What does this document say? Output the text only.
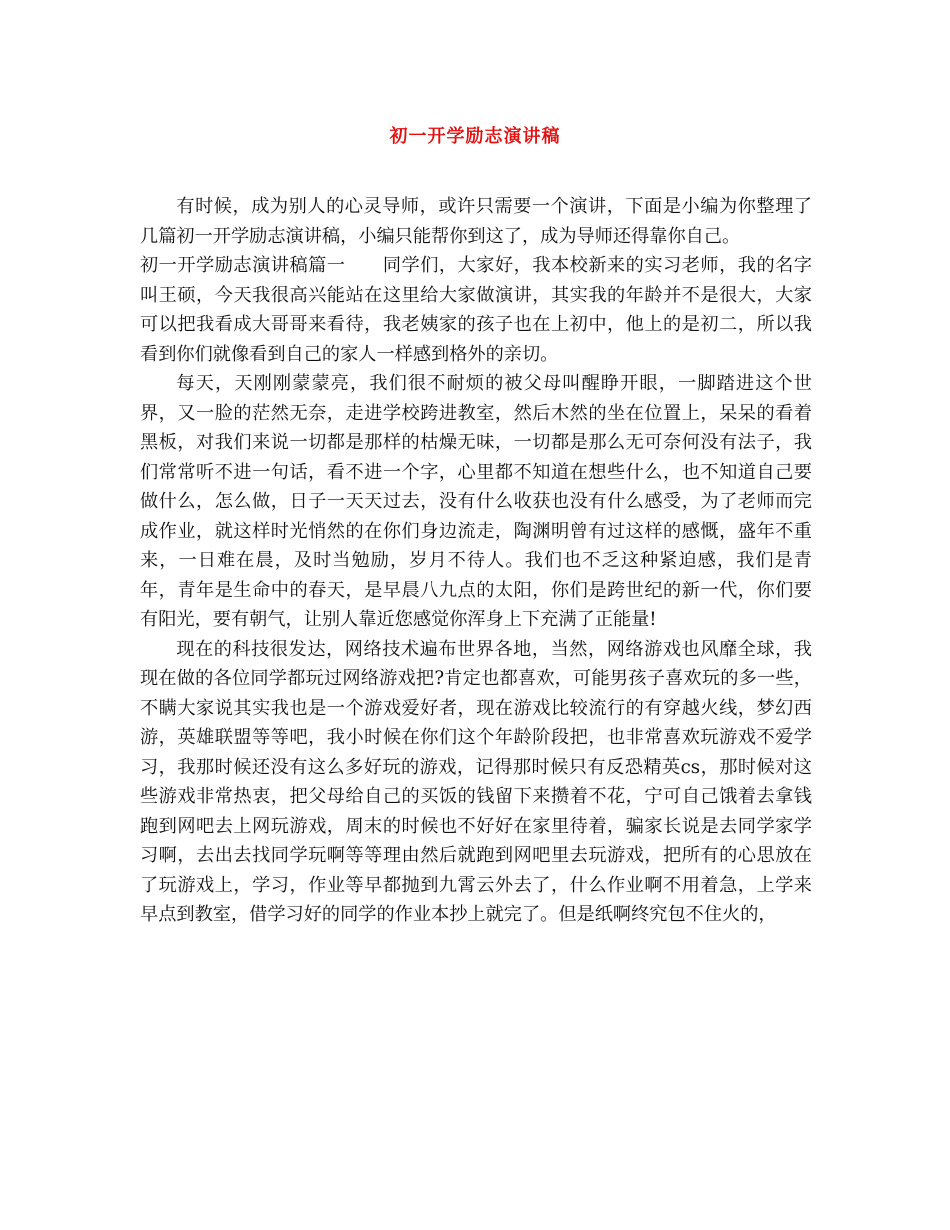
初一开学励志演讲稿

有时候，成为别人的心灵导师，或许只需要一个演讲，下面是小编为你整理了几篇初一开学励志演讲稿，小编只能帮你到这了，成为导师还得靠你自己。

初一开学励志演讲稿篇一　　同学们，大家好，我本校新来的实习老师，我的名字叫王硕，今天我很高兴能站在这里给大家做演讲，其实我的年龄并不是很大，大家可以把我看成大哥哥来看待，我老姨家的孩子也在上初中，他上的是初二，所以我看到你们就像看到自己的家人一样感到格外的亲切。

每天，天刚刚蒙蒙亮，我们很不耐烦的被父母叫醒睁开眼，一脚踏进这个世界，又一脸的茫然无奈，走进学校跨进教室，然后木然的坐在位置上，呆呆的看着黑板，对我们来说一切都是那样的枯燥无味，一切都是那么无可奈何没有法子，我们常常听不进一句话，看不进一个字，心里都不知道在想些什么，也不知道自己要做什么，怎么做，日子一天天过去，没有什么收获也没有什么感受，为了老师而完成作业，就这样时光悄然的在你们身边流走，陶渊明曾有过这样的感慨，盛年不重来，一日难在晨，及时当勉励，岁月不待人。我们也不乏这种紧迫感，我们是青年，青年是生命中的春天，是早晨八九点的太阳，你们是跨世纪的新一代，你们要有阳光，要有朝气，让别人靠近您感觉你浑身上下充满了正能量!

现在的科技很发达，网络技术遍布世界各地，当然，网络游戏也风靡全球，我现在做的各位同学都玩过网络游戏把?肯定也都喜欢，可能男孩子喜欢玩的多一些，不瞒大家说其实我也是一个游戏爱好者，现在游戏比较流行的有穿越火线，梦幻西游，英雄联盟等等吧，我小时候在你们这个年龄阶段把，也非常喜欢玩游戏不爱学习，我那时候还没有这么多好玩的游戏，记得那时候只有反恐精英cs，那时候对这些游戏非常热衷，把父母给自己的买饭的钱留下来攒着不花，宁可自己饿着去拿钱跑到网吧去上网玩游戏，周末的时候也不好好在家里待着，骗家长说是去同学家学习啊，去出去找同学玩啊等等理由然后就跑到网吧里去玩游戏，把所有的心思放在了玩游戏上，学习，作业等早都抛到九霄云外去了，什么作业啊不用着急，上学来早点到教室，借学习好的同学的作业本抄上就完了。但是纸啊终究包不住火的，
